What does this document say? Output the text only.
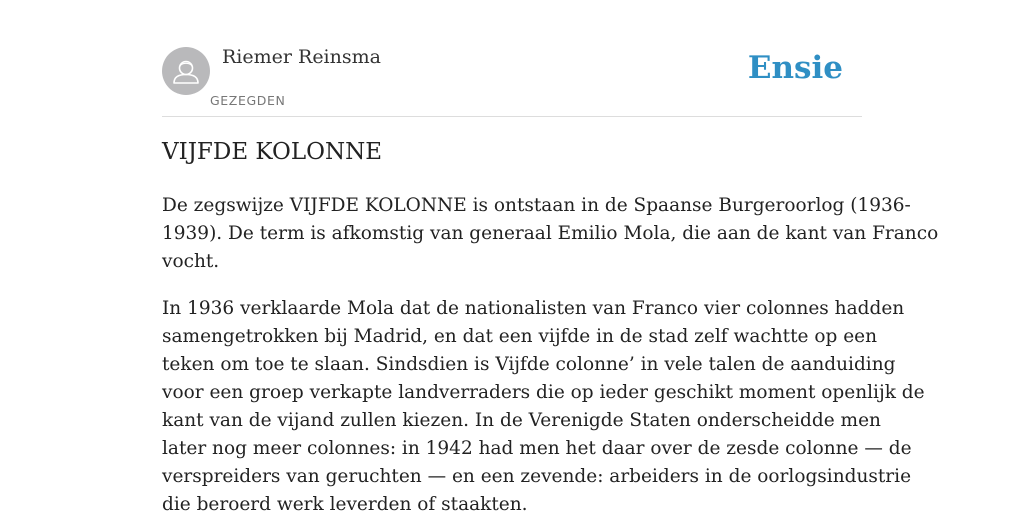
Riemer Reinsma
GEZEGDEN
Ensie
VIJFDE KOLONNE

De zegswijze VIJFDE KOLONNE is ontstaan in de Spaanse Burgeroorlog (1936-
1939). De term is afkomstig van generaal Emilio Mola, die aan de kant van Franco
vocht.

In 1936 verklaarde Mola dat de nationalisten van Franco vier colonnes hadden
samengetrokken bij Madrid, en dat een vijfde in de stad zelf wachtte op een
teken om toe te slaan. Sindsdien is Vijfde colonne’ in vele talen de aanduiding
voor een groep verkapte landverraders die op ieder geschikt moment openlijk de
kant van de vijand zullen kiezen. In de Verenigde Staten onderscheidde men
later nog meer colonnes: in 1942 had men het daar over de zesde colonne — de
verspreiders van geruchten — en een zevende: arbeiders in de oorlogsindustrie
die beroerd werk leverden of staakten.
